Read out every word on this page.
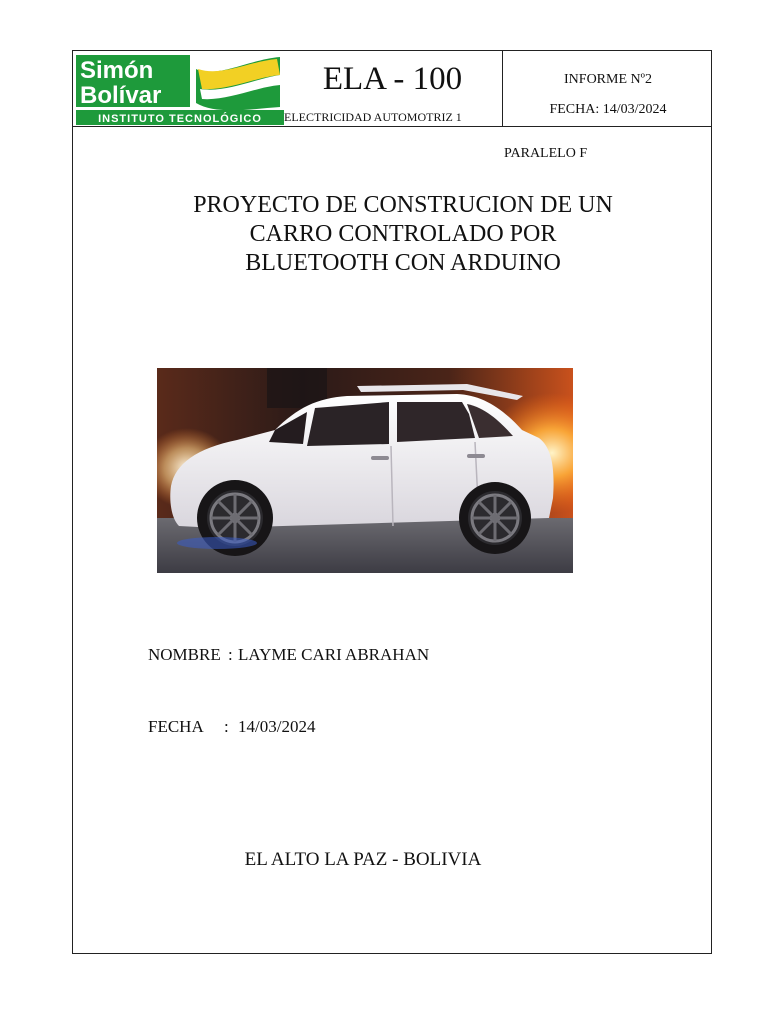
Simón
Bolívar
INSTITUTO TECNOLÓGICO
ELA - 100
ELECTRICIDAD AUTOMOTRIZ 1
INFORME Nº2
FECHA: 14/03/2024
PARALELO F
PROYECTO DE CONSTRUCION DE UN
CARRO CONTROLADO POR
BLUETOOTH CON ARDUINO
NOMBRE : LAYME CARI ABRAHAN
FECHA : 14/03/2024
EL ALTO LA PAZ - BOLIVIA
